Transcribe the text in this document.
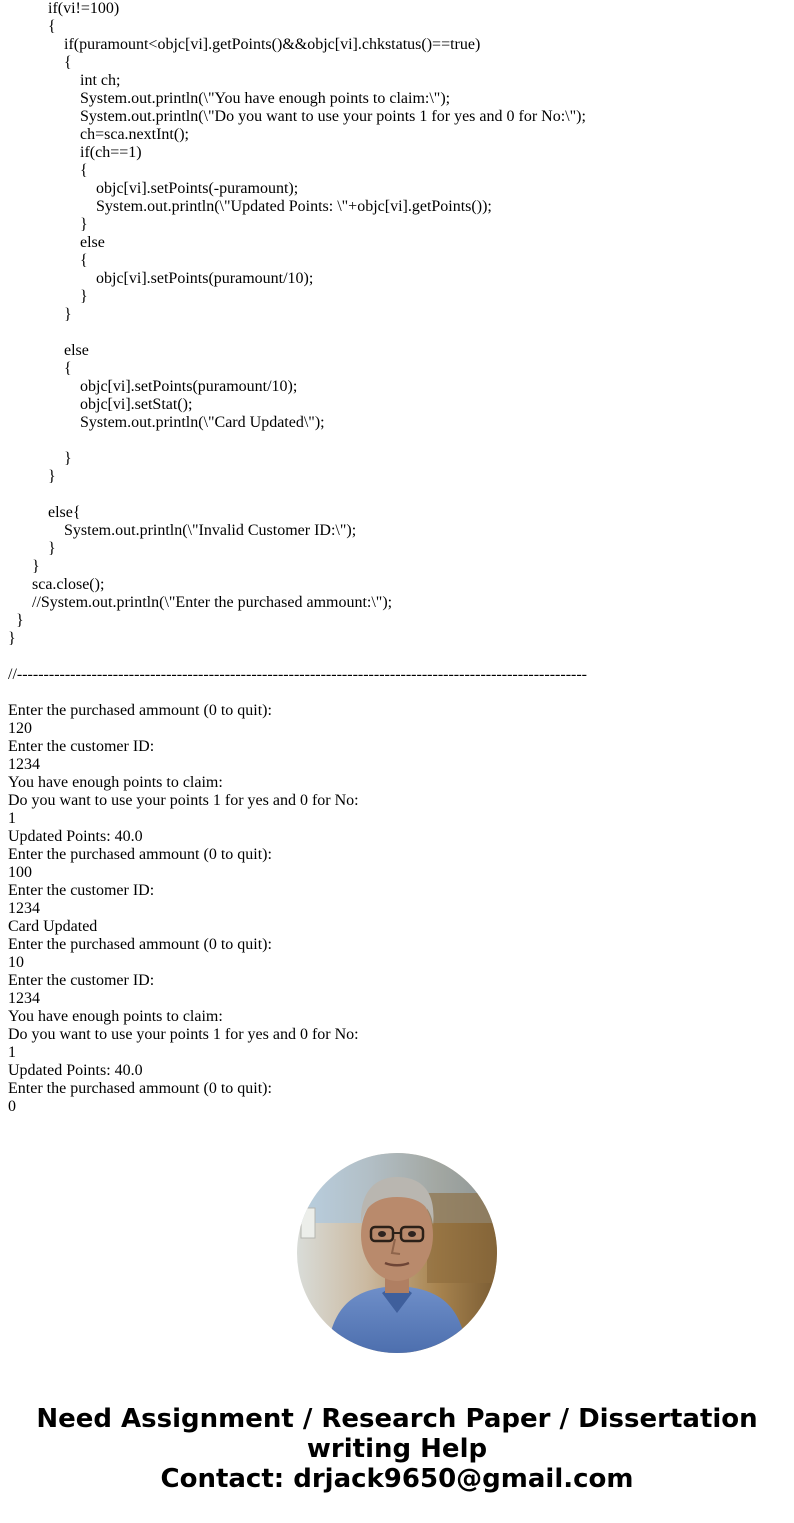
if(vi!=100)
{
if(puramount<objc[vi].getPoints()&&objc[vi].chkstatus()==true)
{
int ch;
System.out.println(\"You have enough points to claim:\");
System.out.println(\"Do you want to use your points 1 for yes and 0 for No:\");
ch=sca.nextInt();
if(ch==1)
{
objc[vi].setPoints(-puramount);
System.out.println(\"Updated Points: \"+objc[vi].getPoints());
}
else
{
objc[vi].setPoints(puramount/10);
}
}
else
{
objc[vi].setPoints(puramount/10);
objc[vi].setStat();
System.out.println(\"Card Updated\");
}
}
else{
System.out.println(\"Invalid Customer ID:\");
}
}
sca.close();
//System.out.println(\"Enter the purchased ammount:\");
}
}
//-----------------------------------------------------------------------------------------------------------
Enter the purchased ammount (0 to quit):
120
Enter the customer ID:
1234
You have enough points to claim:
Do you want to use your points 1 for yes and 0 for No:
1
Updated Points: 40.0
Enter the purchased ammount (0 to quit):
100
Enter the customer ID:
1234
Card Updated
Enter the purchased ammount (0 to quit):
10
Enter the customer ID:
1234
You have enough points to claim:
Do you want to use your points 1 for yes and 0 for No:
1
Updated Points: 40.0
Enter the purchased ammount (0 to quit):
0
Need Assignment / Research Paper / Dissertation
writing Help
Contact: drjack9650@gmail.com
